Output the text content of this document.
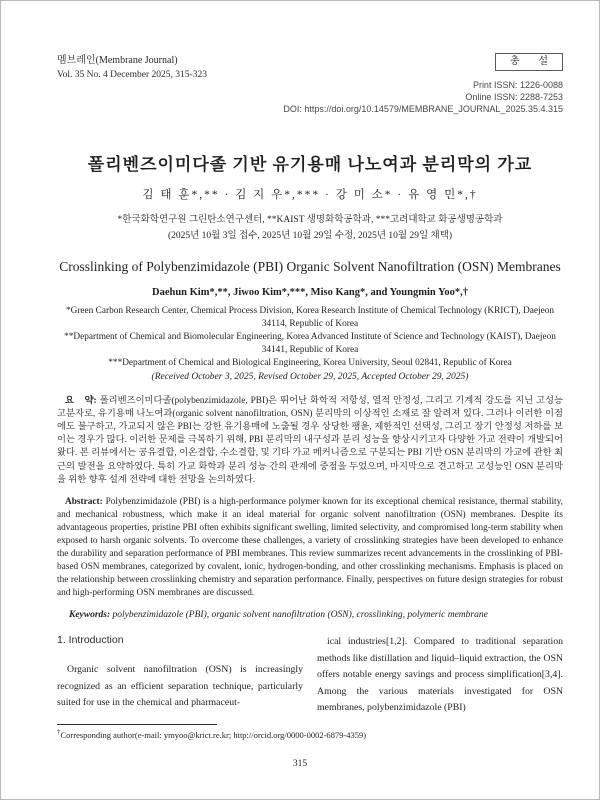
멤브레인(Membrane Journal)
Vol. 35 No. 4 December 2025, 315-323
총 설
Print ISSN: 1226-0088
Online ISSN: 2288-7253
DOI: https://doi.org/10.14579/MEMBRANE_JOURNAL_2025.35.4.315
폴리벤즈이미다졸 기반 유기용매 나노여과 분리막의 가교
김 태 훈*,** · 김 지 우*,*** · 강 미 소* · 유 영 민*,†
*한국화학연구원 그린탄소연구센터, **KAIST 생명화학공학과, ***고려대학교 화공생명공학과
(2025년 10월 3일 접수, 2025년 10월 29일 수정, 2025년 10월 29일 채택)
Crosslinking of Polybenzimidazole (PBI) Organic Solvent Nanofiltration (OSN) Membranes
Daehun Kim*,**, Jiwoo Kim*,***, Miso Kang*, and Youngmin Yoo*,†
*Green Carbon Research Center, Chemical Process Division, Korea Research Institute of Chemical Technology (KRICT), Daejeon 34114, Republic of Korea
**Department of Chemical and Biomolecular Engineering, Korea Advanced Institute of Science and Technology (KAIST), Daejeon 34141, Republic of Korea
***Department of Chemical and Biological Engineering, Korea University, Seoul 02841, Republic of Korea
(Received October 3, 2025, Revised October 29, 2025, Accepted October 29, 2025)
요　약: 폴리벤즈이미다졸(polybenzimidazole, PBI)은 뛰어난 화학적 저항성, 열적 안정성, 그리고 기계적 강도를 지닌 고성능 고분자로, 유기용매 나노여과(organic solvent nanofiltration, OSN) 분리막의 이상적인 소재로 잘 알려져 있다. 그러나 이러한 이점에도 불구하고, 가교되지 않은 PBI는 강한 유기용매에 노출될 경우 상당한 팽윤, 제한적인 선택성, 그리고 장기 안정성 저하를 보이는 경우가 많다. 이러한 문제를 극복하기 위해, PBI 분리막의 내구성과 분리 성능을 향상시키고자 다양한 가교 전략이 개발되어 왔다. 본 리뷰에서는 공유결합, 이온결합, 수소결합, 및 기타 가교 메커니즘으로 구분되는 PBI 기반 OSN 분리막의 가교에 관한 최근의 발전을 요약하였다. 특히 가교 화학과 분리 성능 간의 관계에 중점을 두었으며, 마지막으로 견고하고 고성능인 OSN 분리막을 위한 향후 설계 전략에 대한 전망을 논의하였다.
Abstract: Polybenzimidazole (PBI) is a high-performance polymer known for its exceptional chemical resistance, thermal stability, and mechanical robustness, which make it an ideal material for organic solvent nanofiltration (OSN) membranes. Despite its advantageous properties, pristine PBI often exhibits significant swelling, limited selectivity, and compromised long-term stability when exposed to harsh organic solvents. To overcome these challenges, a variety of crosslinking strategies have been developed to enhance the durability and separation performance of PBI membranes. This review summarizes recent advancements in the crosslinking of PBI-based OSN membranes, categorized by covalent, ionic, hydrogen-bonding, and other crosslinking mechanisms. Emphasis is placed on the relationship between crosslinking chemistry and separation performance. Finally, perspectives on future design strategies for robust and high-performing OSN membranes are discussed.
Keywords: polybenzimidazole (PBI), organic solvent nanofiltration (OSN), crosslinking, polymeric membrane
1. Introduction

Organic solvent nanofiltration (OSN) is increasingly recognized as an efficient separation technique, particularly suited for use in the chemical and pharmaceut-

ical industries[1,2]. Compared to traditional separation methods like distillation and liquid–liquid extraction, the OSN offers notable energy savings and process simplification[3,4]. Among the various materials investigated for OSN membranes, polybenzimidazole (PBI)

†Corresponding author(e-mail: ymyoo@krict.re.kr; http://orcid.org/0000-0002-6879-4359)
315
